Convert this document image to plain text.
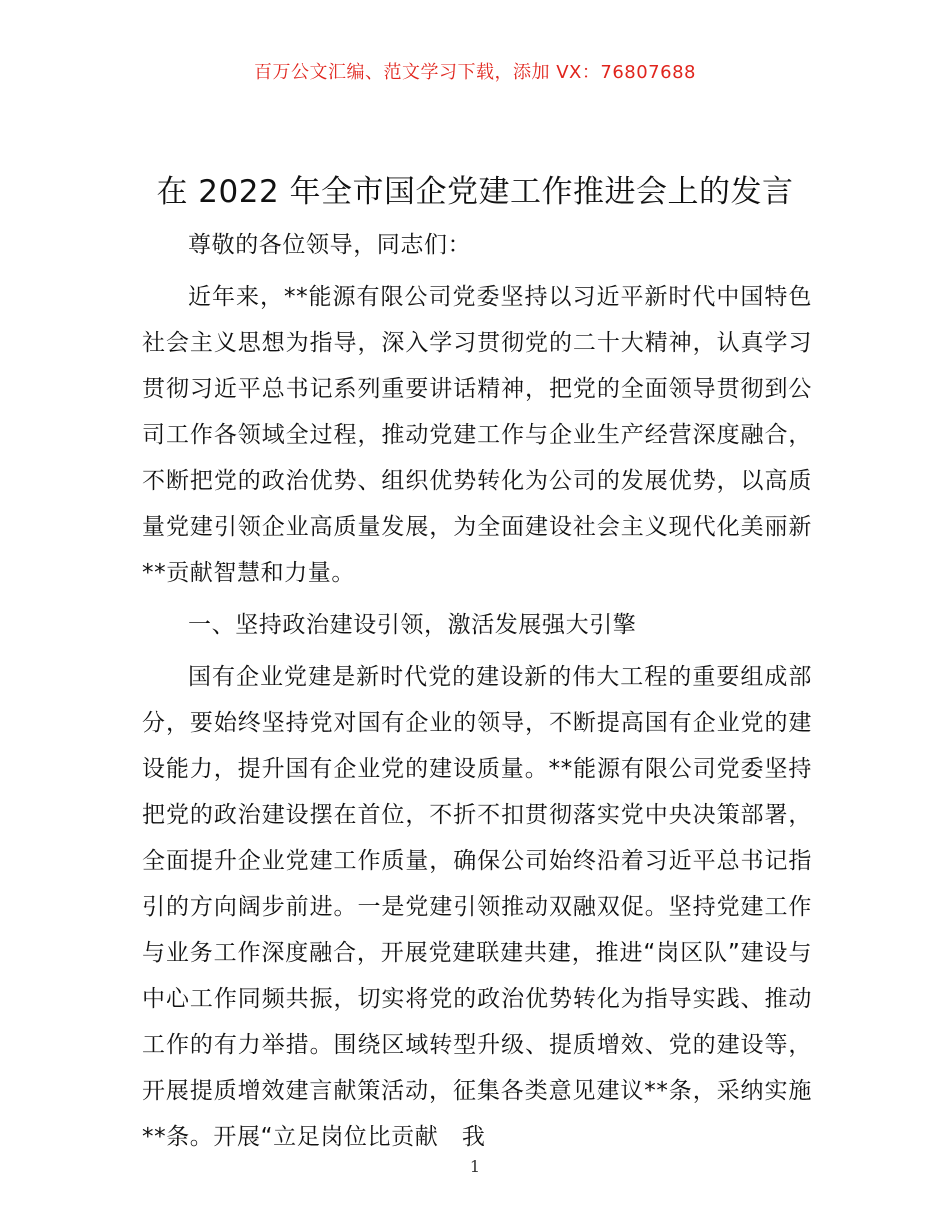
百万公文汇编、范文学习下载，添加 VX：76807688
在 2022 年全市国企党建工作推进会上的发言

尊敬的各位领导，同志们：

近年来，**能源有限公司党委坚持以习近平新时代中国特色社会主义思想为指导，深入学习贯彻党的二十大精神，认真学习贯彻习近平总书记系列重要讲话精神，把党的全面领导贯彻到公司工作各领域全过程，推动党建工作与企业生产经营深度融合，不断把党的政治优势、组织优势转化为公司的发展优势，以高质量党建引领企业高质量发展，为全面建设社会主义现代化美丽新**贡献智慧和力量。

一、坚持政治建设引领，激活发展强大引擎

国有企业党建是新时代党的建设新的伟大工程的重要组成部分，要始终坚持党对国有企业的领导，不断提高国有企业党的建设能力，提升国有企业党的建设质量。**能源有限公司党委坚持把党的政治建设摆在首位，不折不扣贯彻落实党中央决策部署，全面提升企业党建工作质量，确保公司始终沿着习近平总书记指引的方向阔步前进。一是党建引领推动双融双促。坚持党建工作与业务工作深度融合，开展党建联建共建，推进“岗区队”建设与中心工作同频共振，切实将党的政治优势转化为指导实践、推动工作的有力举措。围绕区域转型升级、提质增效、党的建设等，开展提质增效建言献策活动，征集各类意见建议**条，采纳实施**条。开展“立足岗位比贡献　我

1
